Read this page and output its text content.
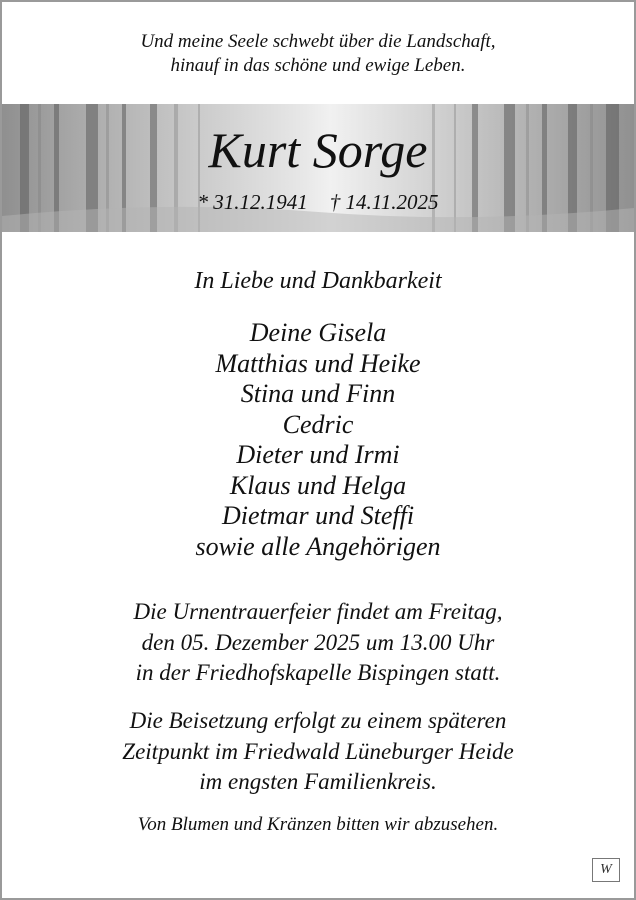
Und meine Seele schwebt über die Landschaft,
hinauf in das schöne und ewige Leben.
Kurt Sorge
* 31.12.1941 † 14.11.2025
In Liebe und Dankbarkeit
Deine Gisela
Matthias und Heike
Stina und Finn
Cedric
Dieter und Irmi
Klaus und Helga
Dietmar und Steffi
sowie alle Angehörigen
Die Urnentrauerfeier findet am Freitag,
den 05. Dezember 2025 um 13.00 Uhr
in der Friedhofskapelle Bispingen statt.
Die Beisetzung erfolgt zu einem späteren
Zeitpunkt im Friedwald Lüneburger Heide
im engsten Familienkreis.
Von Blumen und Kränzen bitten wir abzusehen.
W
